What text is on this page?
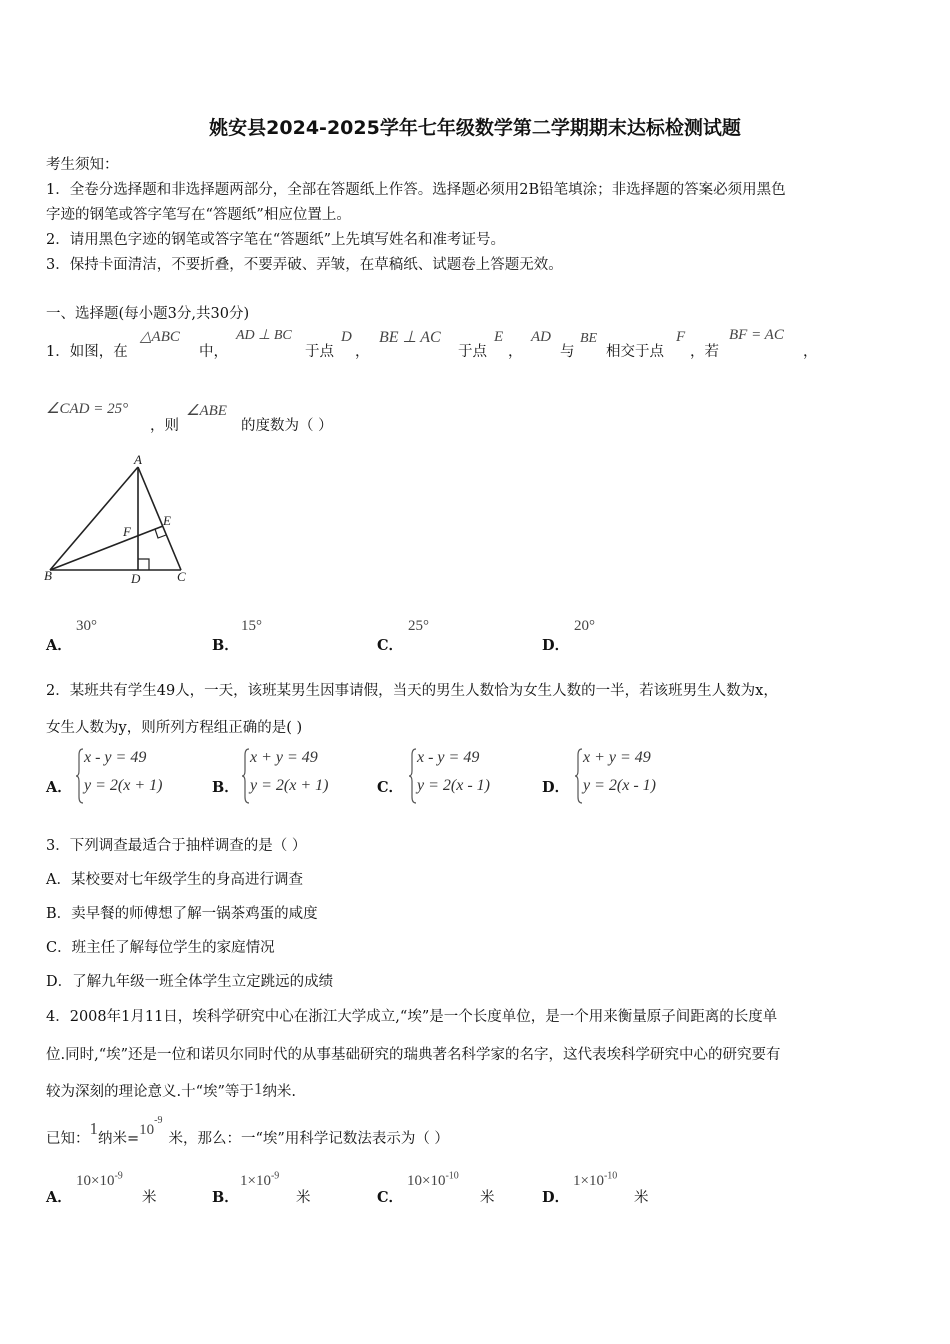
姚安县2024-2025学年七年级数学第二学期期末达标检测试题
考生须知：
1．全卷分选择题和非选择题两部分，全部在答题纸上作答。选择题必须用2B铅笔填涂；非选择题的答案必须用黑色
字迹的钢笔或答字笔写在“答题纸”相应位置上。
2．请用黑色字迹的钢笔或答字笔在“答题纸”上先填写姓名和准考证号。
3．保持卡面清洁，不要折叠，不要弄破、弄皱，在草稿纸、试题卷上答题无效。
一、选择题(每小题3分,共30分)
1．如图，在
△ABC
中，
AD ⊥ BC
于点
D
，
BE ⊥ AC
于点
E
，
AD
与
BE
相交于点
F
，若
BF = AC
，
∠CAD = 25°
，则
∠ABE
的度数为（ ）
A
B	C
D
E
F
A．
30°
B．
15°
C．
25°
D．
20°
2．某班共有学生49人，一天，该班某男生因事请假，当天的男生人数恰为女生人数的一半，若该班男生人数为x，
女生人数为y，则所列方程组正确的是( )
A．
x - y = 49
y = 2(x + 1)	B．
x + y = 49
y = 2(x + 1)	C．
x - y = 49
y = 2(x - 1)	D．
x + y = 49
y = 2(x - 1)
3．下列调查最适合于抽样调查的是（ ）
A．某校要对七年级学生的身高进行调查
B．卖早餐的师傅想了解一锅茶鸡蛋的咸度
C．班主任了解每位学生的家庭情况
D．了解九年级一班全体学生立定跳远的成绩
4．2008年1月11日，埃科学研究中心在浙江大学成立,“埃”是一个长度单位，是一个用来衡量原子间距离的长度单
位.同时,“埃”还是一位和诺贝尔同时代的从事基础研究的瑞典著名科学家的名字，这代表埃科学研究中心的研究要有
较为深刻的理论意义.十“埃”等于1纳米.
已知：1纳米$=10^{-9}$米，那么：一“埃”用科学记数法表示为（ ）
A．
$10\times 10^{-9}$
米	B．
$1\times 10^{-9}$
米	C．
$10\times 10^{-10}$
米	D．
$1\times 10^{-10}$
米
